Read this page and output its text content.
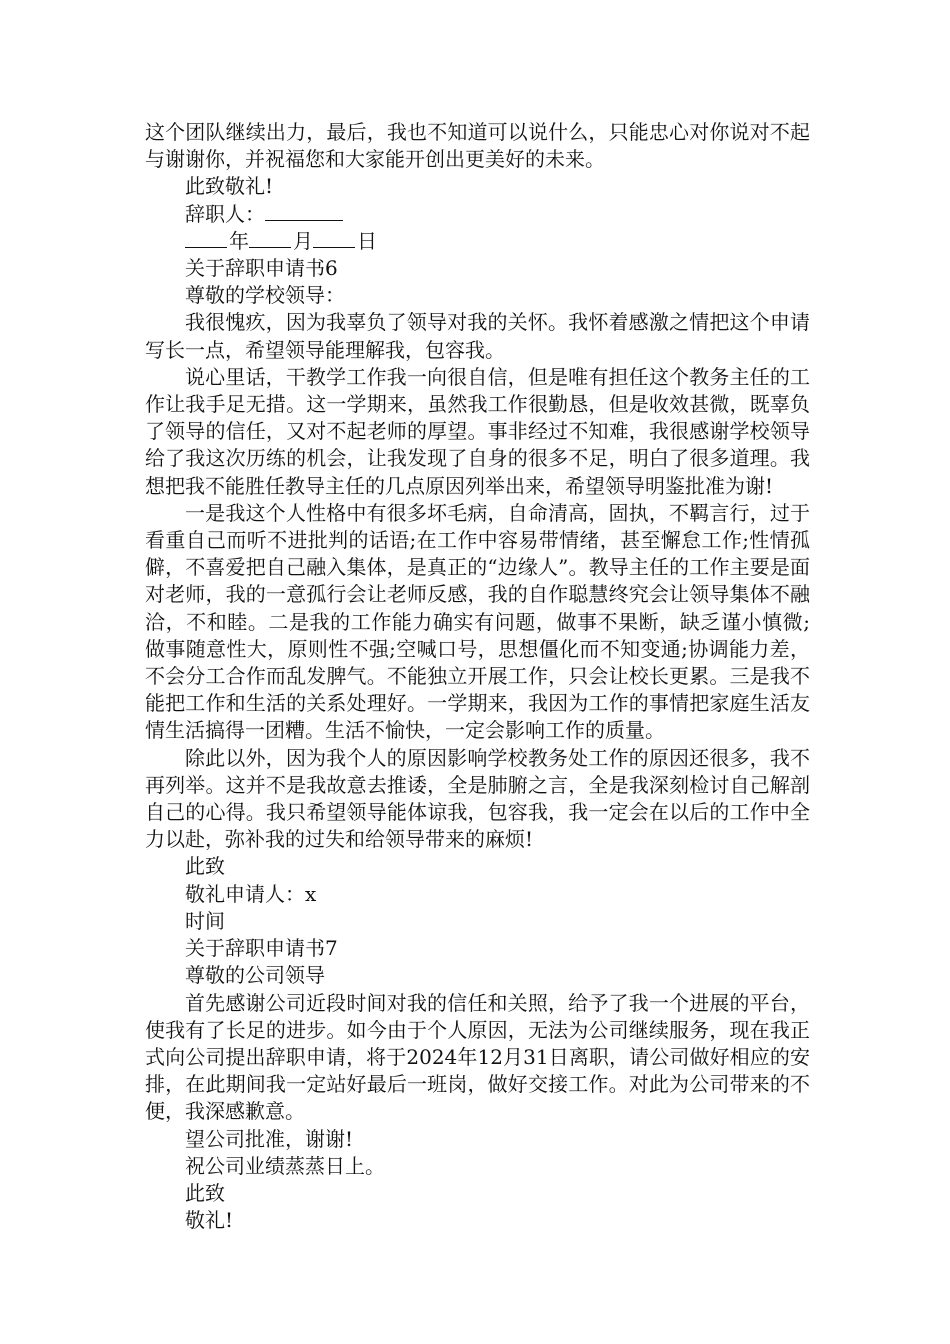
这个团队继续出力，最后，我也不知道可以说什么，只能忠心对你说对不起与谢谢你，并祝福您和大家能开创出更美好的未来。

此致敬礼!

辞职人：

年 月 日

关于辞职申请书6

尊敬的学校领导：

我很愧疚，因为我辜负了领导对我的关怀。我怀着感激之情把这个申请写长一点，希望领导能理解我，包容我。

说心里话，干教学工作我一向很自信，但是唯有担任这个教务主任的工作让我手足无措。这一学期来，虽然我工作很勤恳，但是收效甚微，既辜负了领导的信任，又对不起老师的厚望。事非经过不知难，我很感谢学校领导给了我这次历练的机会，让我发现了自身的很多不足，明白了很多道理。我想把我不能胜任教导主任的几点原因列举出来，希望领导明鉴批准为谢!

一是我这个人性格中有很多坏毛病，自命清高，固执，不羁言行，过于看重自己而听不进批判的话语;在工作中容易带情绪，甚至懈怠工作;性情孤僻，不喜爱把自己融入集体，是真正的“边缘人”。教导主任的工作主要是面对老师，我的一意孤行会让老师反感，我的自作聪慧终究会让领导集体不融洽，不和睦。二是我的工作能力确实有问题，做事不果断，缺乏谨小慎微;做事随意性大，原则性不强;空喊口号，思想僵化而不知变通;协调能力差，不会分工合作而乱发脾气。不能独立开展工作，只会让校长更累。三是我不能把工作和生活的关系处理好。一学期来，我因为工作的事情把家庭生活友情生活搞得一团糟。生活不愉快，一定会影响工作的质量。

除此以外，因为我个人的原因影响学校教务处工作的原因还很多，我不再列举。这并不是我故意去推诿，全是肺腑之言，全是我深刻检讨自己解剖自己的心得。我只希望领导能体谅我，包容我，我一定会在以后的工作中全力以赴，弥补我的过失和给领导带来的麻烦!

此致

敬礼申请人：x

时间

关于辞职申请书7

尊敬的公司领导

首先感谢公司近段时间对我的信任和关照，给予了我一个进展的平台，使我有了长足的进步。如今由于个人原因，无法为公司继续服务，现在我正式向公司提出辞职申请，将于2024年12月31日离职，请公司做好相应的安排，在此期间我一定站好最后一班岗，做好交接工作。对此为公司带来的不便，我深感歉意。

望公司批准，谢谢!

祝公司业绩蒸蒸日上。

此致

敬礼!
